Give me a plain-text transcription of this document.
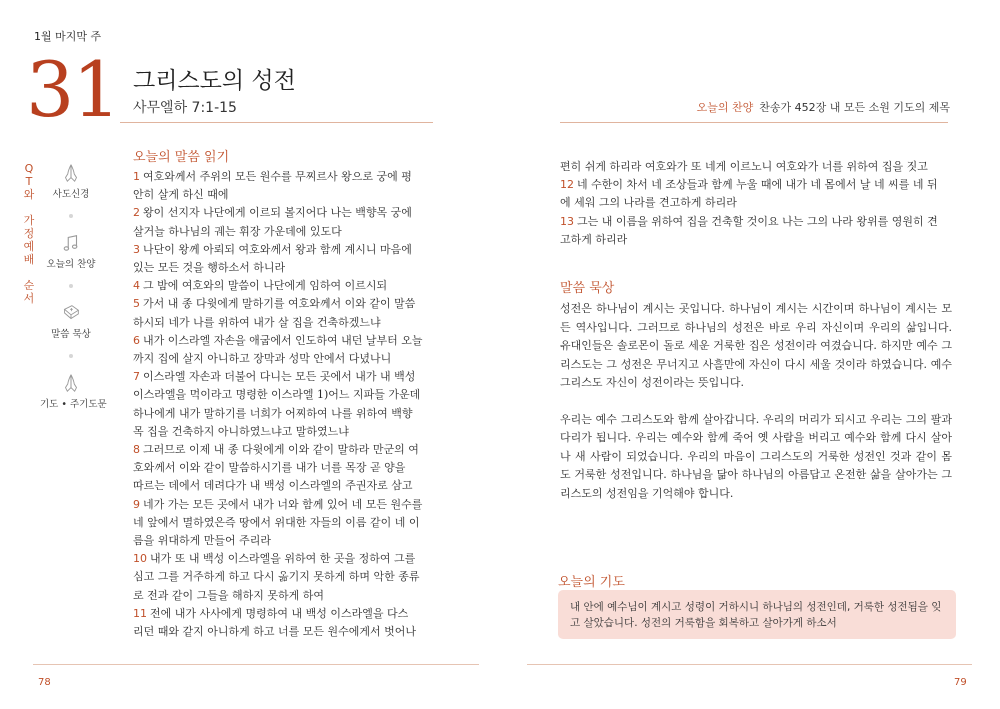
1월 마지막 주
31 그리스도의 성전
사무엘하 7:1-15	오늘의 찬양 찬송가 452장 내 모든 소원 기도의 제목
Q
T
와

가
정
예
배

순
서
사도신경
오늘의 찬양
말씀 묵상
기도 • 주기도문
오늘의 말씀 읽기
1 여호와께서 주위의 모든 원수를 무찌르사 왕으로 궁에 평
안히 살게 하신 때에
2 왕이 선지자 나단에게 이르되 볼지어다 나는 백향목 궁에
살거늘 하나님의 궤는 휘장 가운데에 있도다
3 나단이 왕께 아뢰되 여호와께서 왕과 함께 계시니 마음에
있는 모든 것을 행하소서 하니라
4 그 밤에 여호와의 말씀이 나단에게 임하여 이르시되
5 가서 내 종 다윗에게 말하기를 여호와께서 이와 같이 말씀
하시되 네가 나를 위하여 내가 살 집을 건축하겠느냐
6 내가 이스라엘 자손을 애굽에서 인도하여 내던 날부터 오늘
까지 집에 살지 아니하고 장막과 성막 안에서 다녔나니
7 이스라엘 자손과 더불어 다니는 모든 곳에서 내가 내 백성
이스라엘을 먹이라고 명령한 이스라엘 1)어느 지파들 가운데
하나에게 내가 말하기를 너희가 어찌하여 나를 위하여 백향
목 집을 건축하지 아니하였느냐고 말하였느냐
8 그러므로 이제 내 종 다윗에게 이와 같이 말하라 만군의 여
호와께서 이와 같이 말씀하시기를 내가 너를 목장 곧 양을
따르는 데에서 데려다가 내 백성 이스라엘의 주권자로 삼고
9 네가 가는 모든 곳에서 내가 너와 함께 있어 네 모든 원수를
네 앞에서 멸하였은즉 땅에서 위대한 자들의 이름 같이 네 이
름을 위대하게 만들어 주리라
10 내가 또 내 백성 이스라엘을 위하여 한 곳을 정하여 그를
심고 그를 거주하게 하고 다시 옮기지 못하게 하며 악한 종류
로 전과 같이 그들을 해하지 못하게 하여
11 전에 내가 사사에게 명령하여 내 백성 이스라엘을 다스
리던 때와 같지 아니하게 하고 너를 모든 원수에게서 벗어나
편히 쉬게 하리라 여호와가 또 네게 이르노니 여호와가 너를 위하여 집을 짓고
12 네 수한이 차서 네 조상들과 함께 누울 때에 내가 네 몸에서 날 네 씨를 네 뒤
에 세워 그의 나라를 견고하게 하리라
13 그는 내 이름을 위하여 집을 건축할 것이요 나는 그의 나라 왕위를 영원히 견
고하게 하리라
말씀 묵상

성전은 하나님이 계시는 곳입니다. 하나님이 계시는 시간이며 하나님이 계시는 모든 역사입니다. 그러므로 하나님의 성전은 바로 우리 자신이며 우리의 삶입니다. 유대인들은 솔로몬이 돌로 세운 거룩한 집은 성전이라 여겼습니다. 하지만 예수 그리스도는 그 성전은 무너지고 사흘만에 자신이 다시 세울 것이라 하였습니다. 예수 그리스도 자신이 성전이라는 뜻입니다.

우리는 예수 그리스도와 함께 살아갑니다. 우리의 머리가 되시고 우리는 그의 팔과 다리가 됩니다. 우리는 예수와 함께 죽어 옛 사람을 버리고 예수와 함께 다시 살아나 새 사람이 되었습니다. 우리의 마음이 그리스도의 거룩한 성전인 것과 같이 몸도 거룩한 성전입니다. 하나님을 닮아 하나님의 아름답고 온전한 삶을 살아가는 그리스도의 성전임을 기억해야 합니다.

오늘의 기도
내 안에 예수님이 계시고 성령이 거하시니 하나님의 성전인데, 거룩한 성전됨을 잊고 살았습니다. 성전의 거룩함을 회복하고 살아가게 하소서
78	79
